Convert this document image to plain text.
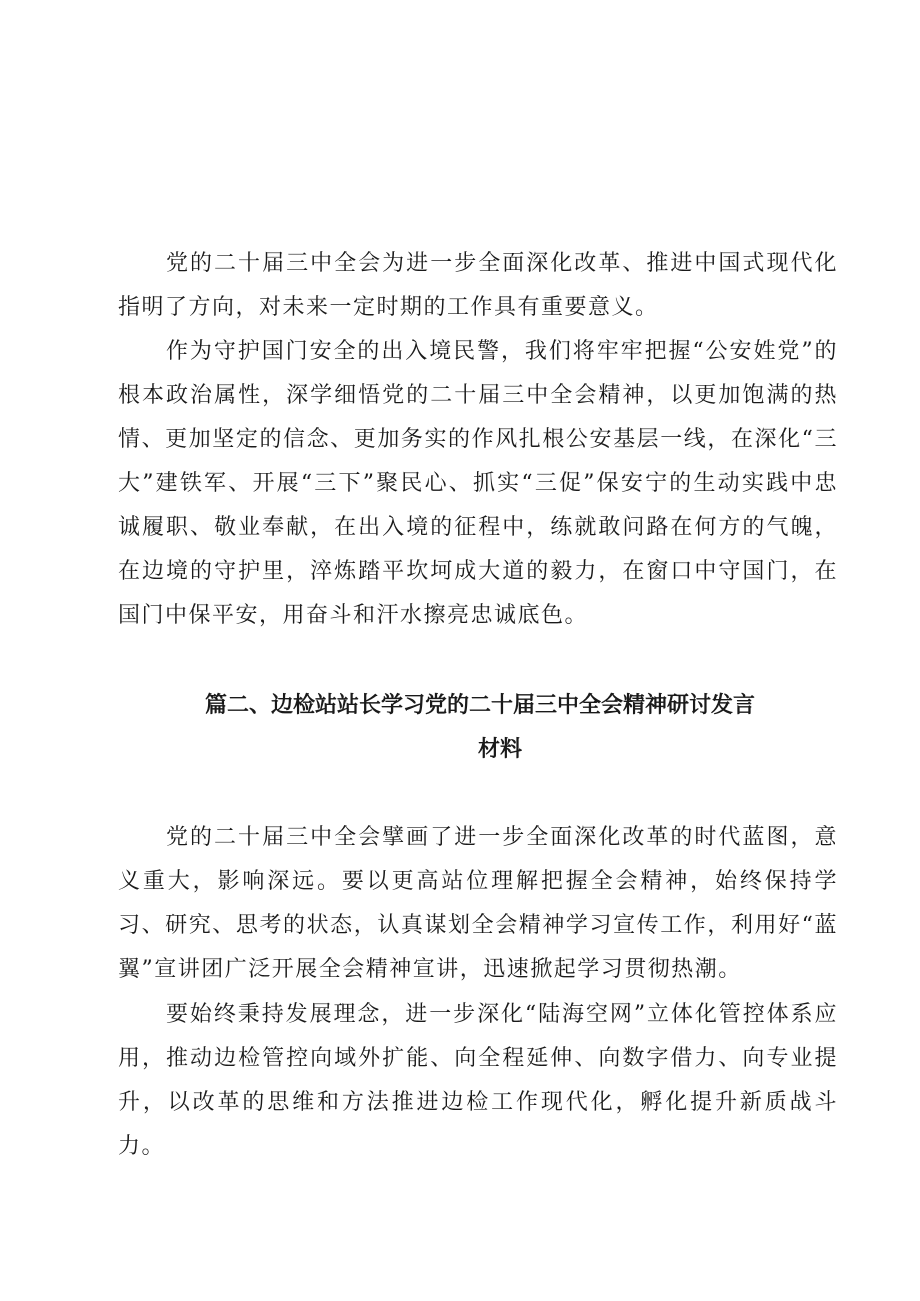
党的二十届三中全会为进一步全面深化改革、推进中国式现代化指明了方向，对未来一定时期的工作具有重要意义。

作为守护国门安全的出入境民警，我们将牢牢把握“公安姓党”的根本政治属性，深学细悟党的二十届三中全会精神，以更加饱满的热情、更加坚定的信念、更加务实的作风扎根公安基层一线，在深化“三大”建铁军、开展“三下”聚民心、抓实“三促”保安宁的生动实践中忠诚履职、敬业奉献，在出入境的征程中，练就敢问路在何方的气魄，在边境的守护里，淬炼踏平坎坷成大道的毅力，在窗口中守国门，在国门中保平安，用奋斗和汗水擦亮忠诚底色。

篇二、边检站站长学习党的二十届三中全会精神研讨发言
材料

党的二十届三中全会擘画了进一步全面深化改革的时代蓝图，意义重大，影响深远。要以更高站位理解把握全会精神，始终保持学习、研究、思考的状态，认真谋划全会精神学习宣传工作，利用好“蓝翼”宣讲团广泛开展全会精神宣讲，迅速掀起学习贯彻热潮。

要始终秉持发展理念，进一步深化“陆海空网”立体化管控体系应用，推动边检管控向域外扩能、向全程延伸、向数字借力、向专业提升，以改革的思维和方法推进边检工作现代化，孵化提升新质战斗力。
